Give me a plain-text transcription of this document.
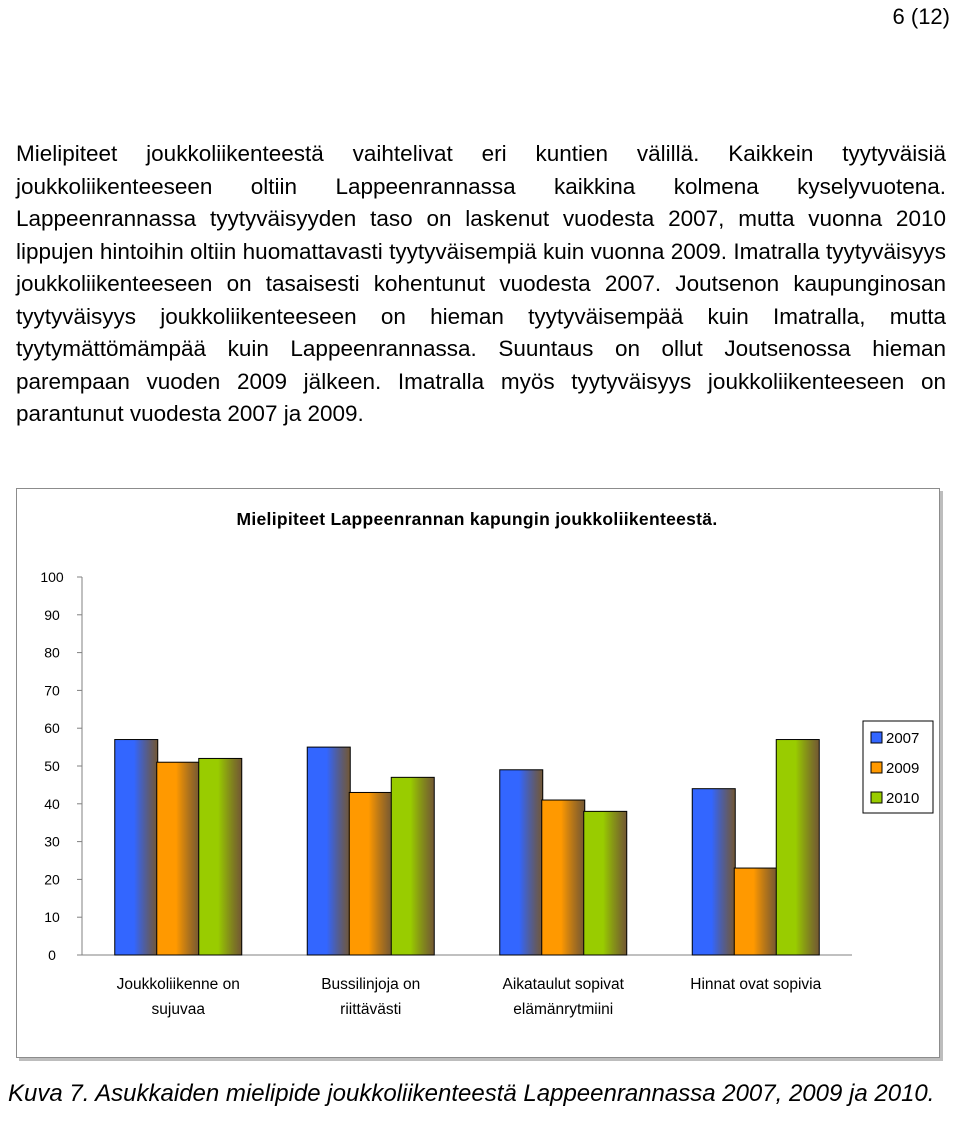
6 (12)

Mielipiteet joukkoliikenteestä vaihtelivat eri kuntien välillä. Kaikkein tyytyväisiä joukkoliikenteeseen oltiin Lappeenrannassa kaikkina kolmena kyselyvuotena. Lappeenrannassa tyytyväisyyden taso on laskenut vuodesta 2007, mutta vuonna 2010 lippujen hintoihin oltiin huomattavasti tyytyväisempiä kuin vuonna 2009. Imatralla tyytyväisyys joukkoliikenteeseen on tasaisesti kohentunut vuodesta 2007. Joutsenon kaupunginosan tyytyväisyys joukkoliikenteeseen on hieman tyytyväisempää kuin Imatralla, mutta tyytymättömämpää kuin Lappeenrannassa. Suuntaus on ollut Joutsenossa hieman parempaan vuoden 2009 jälkeen. Imatralla myös tyytyväisyys joukkoliikenteeseen on parantunut vuodesta 2007 ja 2009.

Mielipiteet Lappeenrannan kapungin joukkoliikenteestä.
0
10
20
30
40
50
60
70
80
90
100
Joukkoliikenne on
sujuvaa
Bussilinjoja on
riittävästi
Aikataulut sopivat
elämänrytmiini
Hinnat ovat sopivia
2007
2009
2010

Kuva 7. Asukkaiden mielipide joukkoliikenteestä Lappeenrannassa 2007, 2009 ja 2010.
